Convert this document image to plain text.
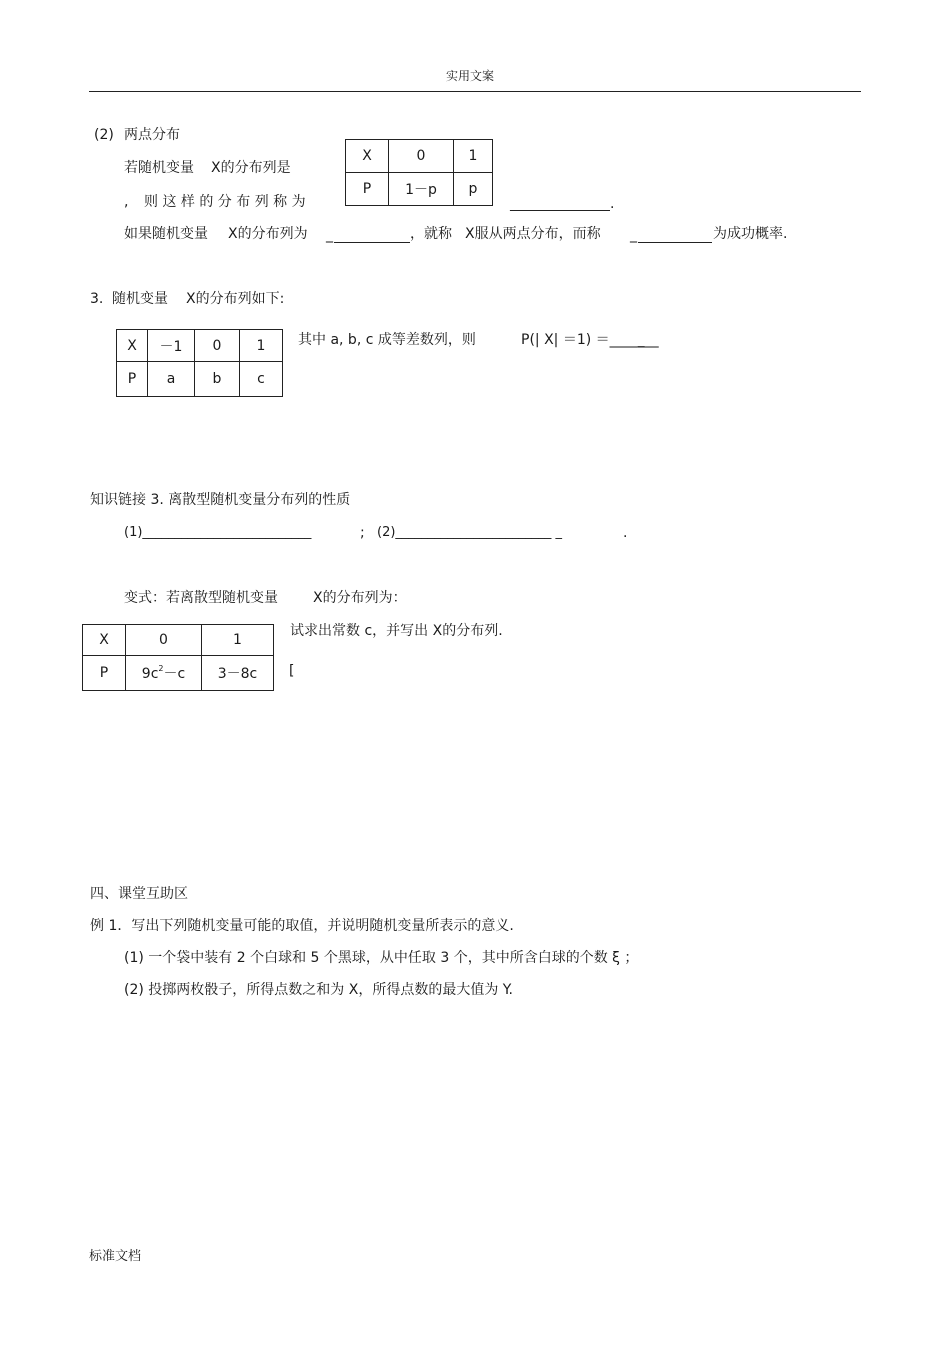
实用文案
(2) 两点分布
若随机变量 X的分布列是
X	0	1
P	1－p	p
, 则 这 样 的 分 布 列 称 为	_____	.
如果随机变量 X的分布列为 _	，就称 X服从两点分布，而称 _	为成功概率.
3. 随机变量 X的分布列如下:
X	－1	0	1
P	a	b	c
其中 a, b, c 成等差数列，则	P(| X| ＝1) ＝_______
知识链接 3. 离散型随机变量分布列的性质
(1)__________________________	; (2)________________________ _	.
变式：若离散型随机变量	X的分布列为：
X	0	1
P	$9c^2-c$	3－8c
试求出常数 c，并写出 X的分布列.
[
四、课堂互助区
例 1．写出下列随机变量可能的取值，并说明随机变量所表示的意义.
(1) 一个袋中装有 2 个白球和 5 个黑球，从中任取 3 个，其中所含白球的个数 ξ ；
(2) 投掷两枚骰子，所得点数之和为 X，所得点数的最大值为 Y.
标准文档
